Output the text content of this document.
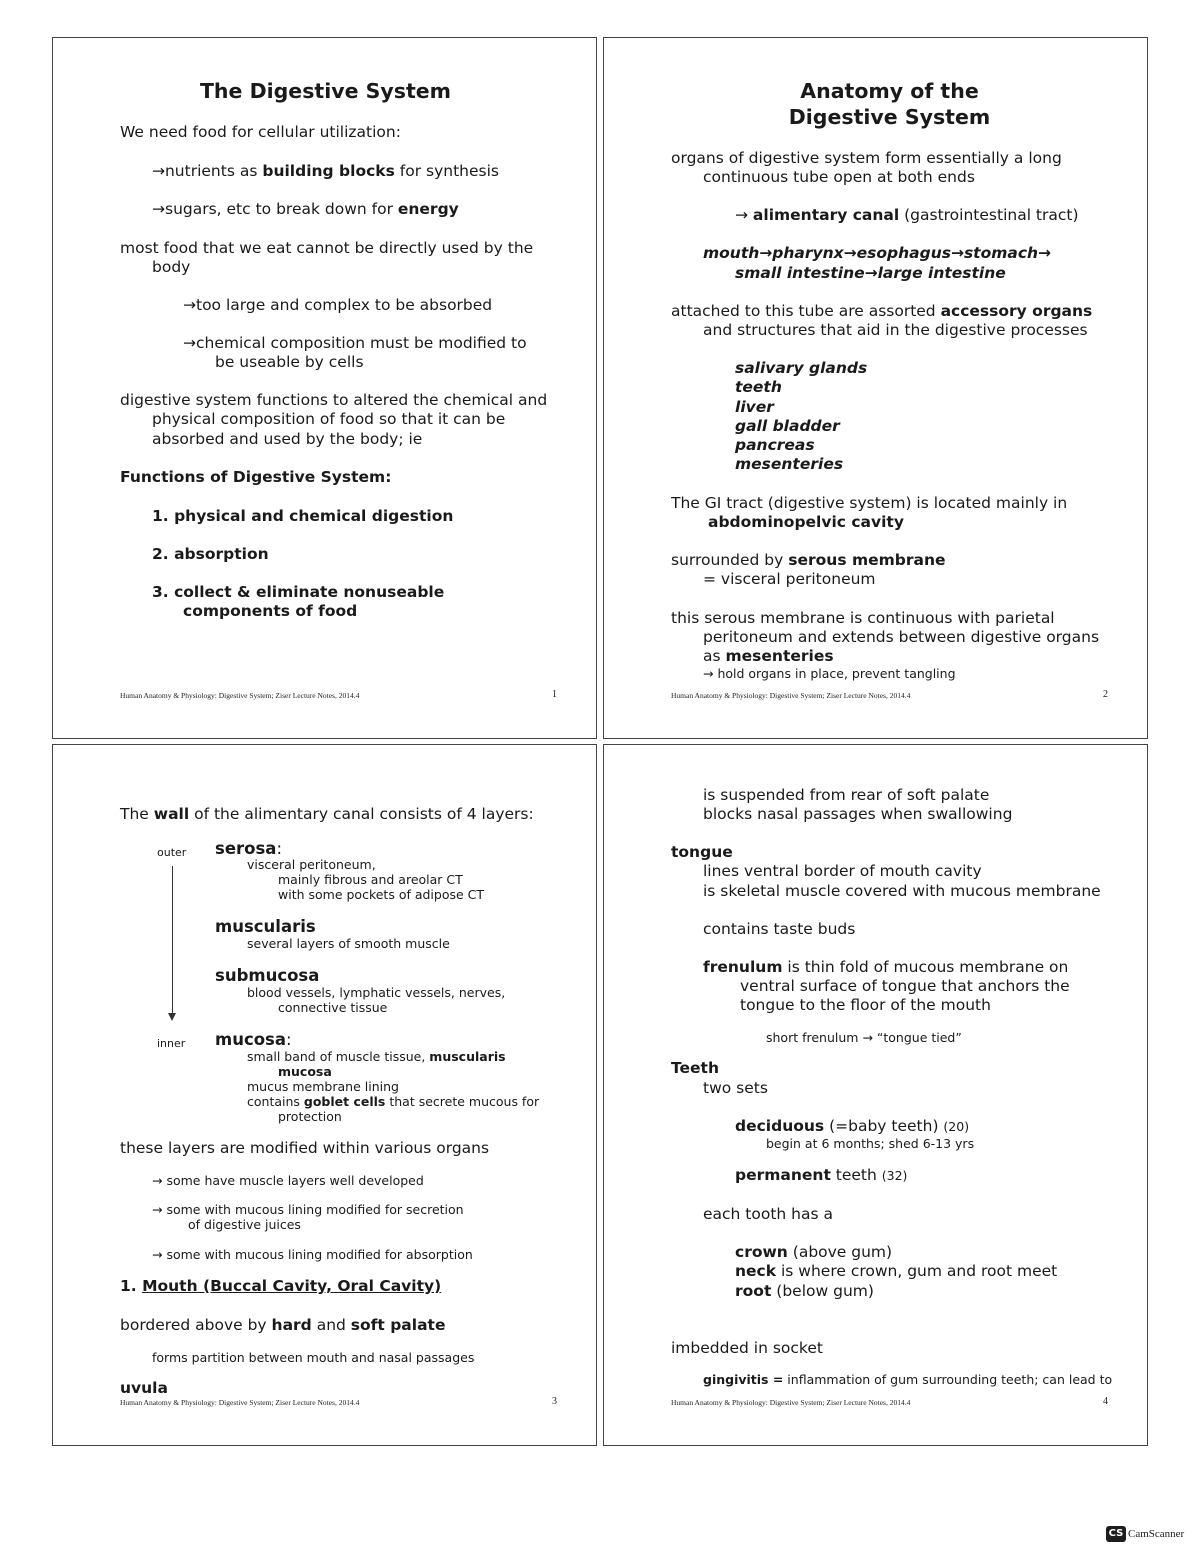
The Digestive System
We need food for cellular utilization:
→nutrients as building blocks for synthesis
→sugars, etc to break down for energy
most food that we eat cannot be directly used by the
body
→too large and complex to be absorbed
→chemical composition must be modified to
be useable by cells
digestive system functions to altered the chemical and
physical composition of food so that it can be
absorbed and used by the body; ie
Functions of Digestive System:
1. physical and chemical digestion
2. absorption
3. collect & eliminate nonuseable
components of food
Human Anatomy & Physiology: Digestive System; Ziser Lecture Notes, 2014.4	1
Anatomy of the
Digestive System
organs of digestive system form essentially a long
continuous tube open at both ends
→ alimentary canal (gastrointestinal tract)
mouth→pharynx→esophagus→stomach→
small intestine→large intestine
attached to this tube are assorted accessory organs
and structures that aid in the digestive processes
salivary glands
teeth
liver
gall bladder
pancreas
mesenteries
The GI tract (digestive system) is located mainly in
abdominopelvic cavity
surrounded by serous membrane
= visceral peritoneum
this serous membrane is continuous with parietal
peritoneum and extends between digestive organs
as mesenteries
→ hold organs in place, prevent tangling
Human Anatomy & Physiology: Digestive System; Ziser Lecture Notes, 2014.4	2
The wall of the alimentary canal consists of 4 layers:
outer
inner
serosa:
visceral peritoneum,
mainly fibrous and areolar CT
with some pockets of adipose CT
muscularis
several layers of smooth muscle
submucosa
blood vessels, lymphatic vessels, nerves,
connective tissue
mucosa:
small band of muscle tissue, muscularis
mucosa
mucus membrane lining
contains goblet cells that secrete mucous for
protection
these layers are modified within various organs
→ some have muscle layers well developed
→ some with mucous lining modified for secretion
of digestive juices
→ some with mucous lining modified for absorption
1. Mouth (Buccal Cavity, Oral Cavity)
bordered above by hard and soft palate
forms partition between mouth and nasal passages
uvula
Human Anatomy & Physiology: Digestive System; Ziser Lecture Notes, 2014.4	3
is suspended from rear of soft palate
blocks nasal passages when swallowing
tongue
lines ventral border of mouth cavity
is skeletal muscle covered with mucous membrane
contains taste buds
frenulum is thin fold of mucous membrane on
ventral surface of tongue that anchors the
tongue to the floor of the mouth
short frenulum → “tongue tied”
Teeth
two sets
deciduous (=baby teeth) (20)
begin at 6 months; shed 6-13 yrs
permanent teeth (32)
each tooth has a
crown (above gum)
neck is where crown, gum and root meet
root (below gum)
imbedded in socket
gingivitis = inflammation of gum surrounding teeth; can lead to
Human Anatomy & Physiology: Digestive System; Ziser Lecture Notes, 2014.4	4
CS CamScanner
